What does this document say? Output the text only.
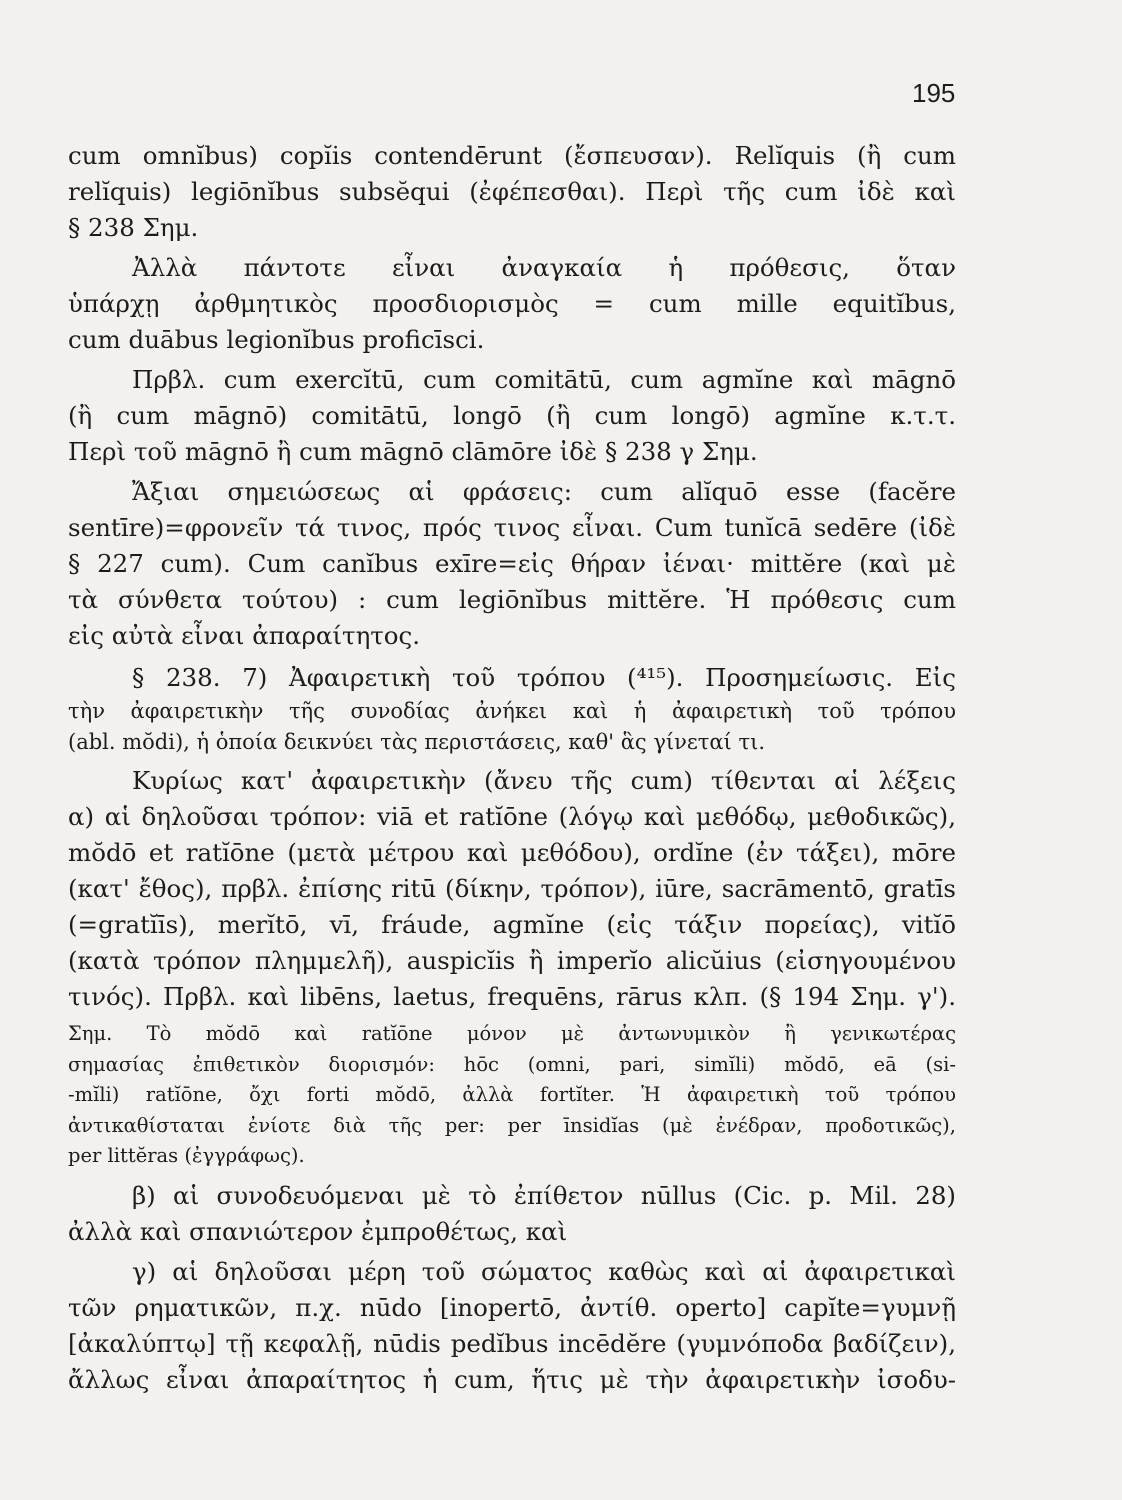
195
cum omnĭbus) copĭis contendērunt (ἔσπευσαν). Relĭquis (ἢ cum
relĭquis) legiōnĭbus subsĕqui (ἐφέπεσθαι). Περὶ τῆς cum ἰδὲ καὶ
§ 238 Σημ.
Ἀλλὰ πάντοτε εἶναι ἀναγκαία ἡ πρόθεσις, ὅταν
ὑπάρχῃ ἀρθμητικὸς προσδιορισμὸς = cum mille equitĭbus,
cum duābus legionĭbus proficīsci.
Πρβλ. cum exercĭtū, cum comitātū, cum agmĭne καὶ māgnō
(ἢ cum māgnō) comitātū, longō (ἢ cum longō) agmĭne κ.τ.τ.
Περὶ τοῦ māgnō ἢ cum māgnō clāmōre ἰδὲ § 238 γ Σημ.
Ἄξιαι σημειώσεως αἱ φράσεις: cum alĭquō esse (facĕre
sentīre)=φρονεῖν τά τινος, πρός τινος εἶναι. Cum tunĭcā sedēre (ἰδὲ
§ 227 cum). Cum canĭbus exīre=εἰς θήραν ἰέναι· mittĕre (καὶ μὲ
τὰ σύνθετα τούτου) : cum legiōnĭbus mittĕre. Ἡ πρόθεσις cum
εἰς αὐτὰ εἶναι ἀπαραίτητος.
§ 238. 7) Ἀφαιρετικὴ τοῦ τρόπου (⁴¹⁵). Προσημείωσις. Εἰς
τὴν ἀφαιρετικὴν τῆς συνοδίας ἀνήκει καὶ ἡ ἀφαιρετικὴ τοῦ τρόπου
(abl. mŏdi), ἡ ὁποία δεικνύει τὰς περιστάσεις, καθ' ἃς γίνεταί τι.
Κυρίως κατ' ἀφαιρετικὴν (ἄνευ τῆς cum) τίθενται αἱ λέξεις
α) αἱ δηλοῦσαι τρόπον: viā et ratĭōne (λόγῳ καὶ μεθόδῳ, μεθοδικῶς),
mŏdō et ratĭōne (μετὰ μέτρου καὶ μεθόδου), ordĭne (ἐν τάξει), mōre
(κατ' ἔθος), πρβλ. ἐπίσης ritū (δίκην, τρόπον), iūre, sacrāmentō, gratīs
(=gratĭīs), merĭtō, vī, fráude, agmĭne (εἰς τάξιν πορείας), vitĭō
(κατὰ τρόπον πλημμελῆ), auspicĭis ἢ imperĭo alicŭius (εἰσηγουμένου
τινός). Πρβλ. καὶ libēns, laetus, frequēns, rārus κλπ. (§ 194 Σημ. γ').
Σημ. Τὸ mŏdō καὶ ratĭōne μόνον μὲ ἀντωνυμικὸν ἢ γενικωτέρας
σημασίας ἐπιθετικὸν διορισμόν: hōc (omni, pari, simĭli) mŏdō, eā (si-
-mĭli) ratĭōne, ὄχι forti mŏdō, ἀλλὰ fortĭter. Ἡ ἀφαιρετικὴ τοῦ τρόπου
ἀντικαθίσταται ἐνίοτε διὰ τῆς per: per īnsidĭas (μὲ ἐνέδραν, προδοτικῶς),
per littĕras (ἐγγράφως).
β) αἱ συνοδευόμεναι μὲ τὸ ἐπίθετον nūllus (Cic. p. Mil. 28)
ἀλλὰ καὶ σπανιώτερον ἐμπροθέτως, καὶ
γ) αἱ δηλοῦσαι μέρη τοῦ σώματος καθὼς καὶ αἱ ἀφαιρετικαὶ
τῶν ρηματικῶν, π.χ. nūdo [inopertō, ἀντίθ. operto] capĭte=γυμνῇ
[ἀκαλύπτῳ] τῇ κεφαλῇ, nūdis pedĭbus incēdĕre (γυμνόποδα βαδίζειν),
ἄλλως εἶναι ἀπαραίτητος ἡ cum, ἥτις μὲ τὴν ἀφαιρετικὴν ἰσοδυ-
